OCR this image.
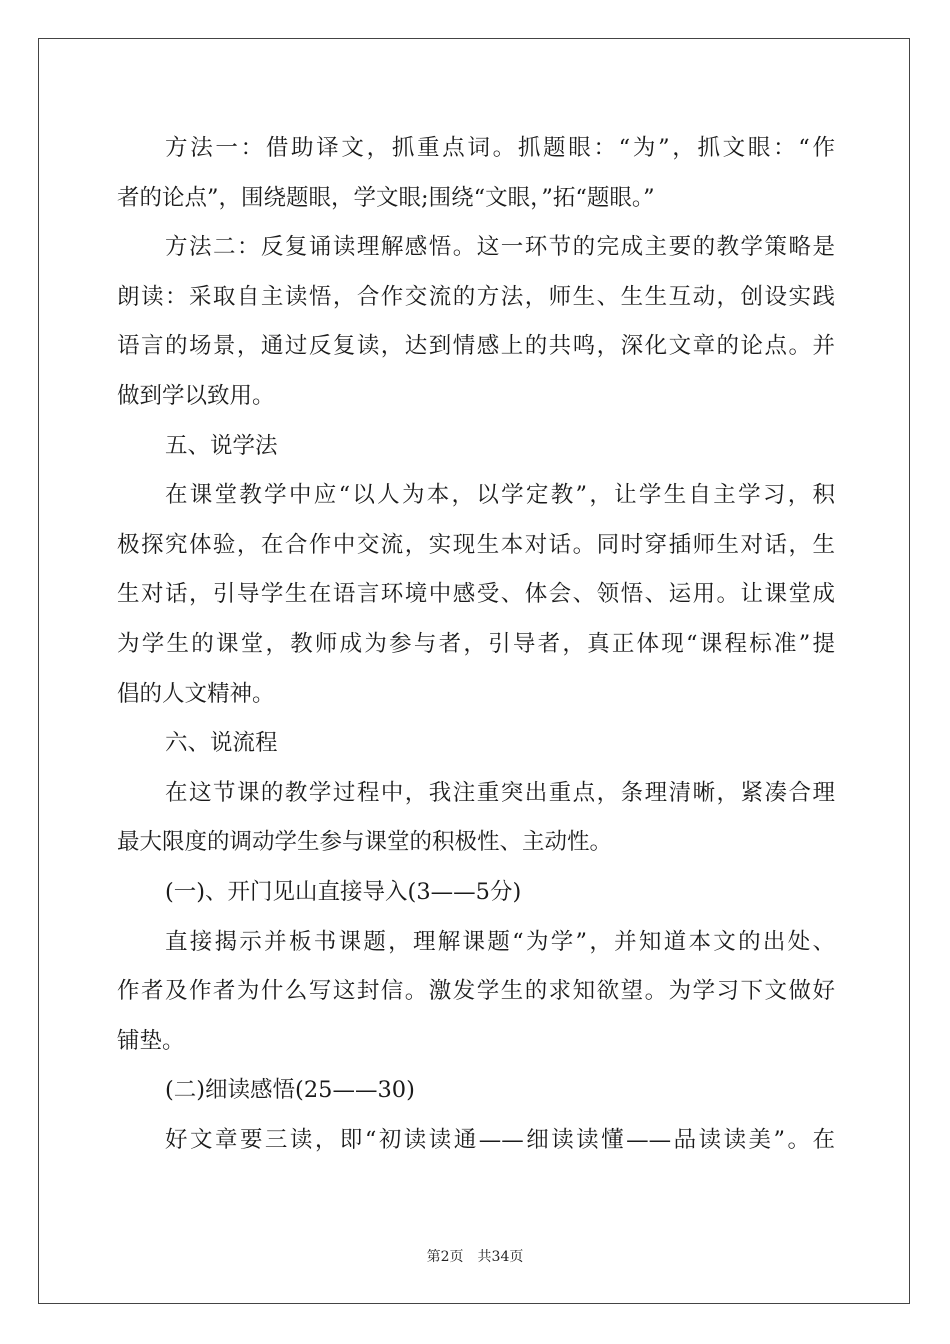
方法一：借助译文，抓重点词。抓题眼：“为”，抓文眼：“作
者的论点”，围绕题眼，学文眼;围绕“文眼，”拓“题眼。”
方法二：反复诵读理解感悟。这一环节的完成主要的教学策略是
朗读：采取自主读悟，合作交流的方法，师生、生生互动，创设实践
语言的场景，通过反复读，达到情感上的共鸣，深化文章的论点。并
做到学以致用。
五、说学法
在课堂教学中应“以人为本，以学定教”，让学生自主学习，积
极探究体验，在合作中交流，实现生本对话。同时穿插师生对话，生
生对话，引导学生在语言环境中感受、体会、领悟、运用。让课堂成
为学生的课堂，教师成为参与者，引导者，真正体现“课程标准”提
倡的人文精神。
六、说流程
在这节课的教学过程中，我注重突出重点，条理清晰，紧凑合理
最大限度的调动学生参与课堂的积极性、主动性。
(一)、开门见山直接导入(3——5分)
直接揭示并板书课题，理解课题“为学”，并知道本文的出处、
作者及作者为什么写这封信。激发学生的求知欲望。为学习下文做好
铺垫。
(二)细读感悟(25——30)
好文章要三读，即“初读读通——细读读懂——品读读美”。在
第2页　共34页
